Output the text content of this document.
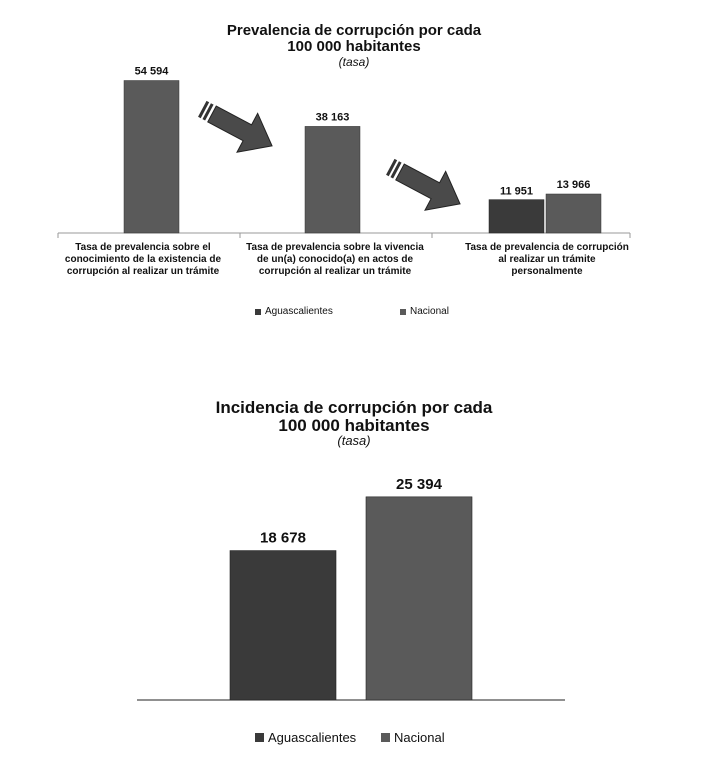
Prevalencia de corrupción por cada
100 000 habitantes
(tasa)
Tasa de prevalencia sobre el conocimiento de la existencia de corrupción al realizar un trámite
Tasa de prevalencia sobre la vivencia de un(a) conocido(a) en actos de corrupción al realizar un trámite
Tasa de prevalencia de corrupción al realizar un trámite personalmente
Aguascalientes	Nacional
Incidencia de corrupción por cada
100 000 habitantes
(tasa)
Aguascalientes	Nacional
54 594
38 163
11 951
13 966
18 678
25 394
